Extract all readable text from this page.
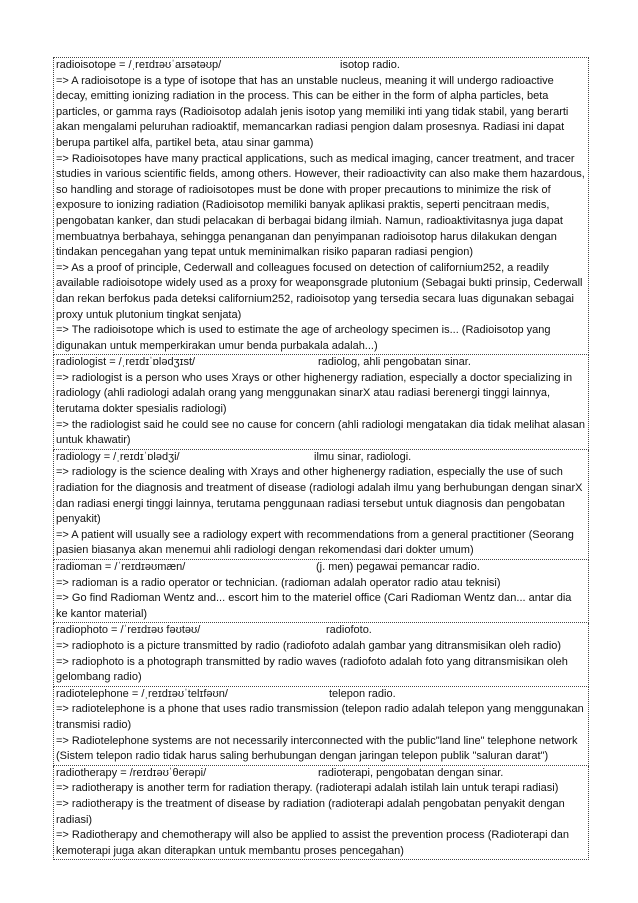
radioisotope = /ˌreɪdɪəʊˈaɪsətəʊp/	isotop radio.
=> A radioisotope is a type of isotope that has an unstable nucleus, meaning it will undergo radioactive decay, emitting ionizing radiation in the process. This can be either in the form of alpha particles, beta particles, or gamma rays (Radioisotop adalah jenis isotop yang memiliki inti yang tidak stabil, yang berarti akan mengalami peluruhan radioaktif, memancarkan radiasi pengion dalam prosesnya. Radiasi ini dapat berupa partikel alfa, partikel beta, atau sinar gamma)
=> Radioisotopes have many practical applications, such as medical imaging, cancer treatment, and tracer studies in various scientific fields, among others. However, their radioactivity can also make them hazardous, so handling and storage of radioisotopes must be done with proper precautions to minimize the risk of exposure to ionizing radiation (Radioisotop memiliki banyak aplikasi praktis, seperti pencitraan medis, pengobatan kanker, dan studi pelacakan di berbagai bidang ilmiah. Namun, radioaktivitasnya juga dapat membuatnya berbahaya, sehingga penanganan dan penyimpanan radioisotop harus dilakukan dengan tindakan pencegahan yang tepat untuk meminimalkan risiko paparan radiasi pengion)
=> As a proof of principle, Cederwall and colleagues focused on detection of californium252, a readily available radioisotope widely used as a proxy for weaponsgrade plutonium (Sebagai bukti prinsip, Cederwall dan rekan berfokus pada deteksi californium252, radioisotop yang tersedia secara luas digunakan sebagai proxy untuk plutonium tingkat senjata)
=> The radioisotope which is used to estimate the age of archeology specimen is... (Radioisotop yang digunakan untuk memperkirakan umur benda purbakala adalah...)
radiologist = /ˌreɪdɪˈɒlədʒɪst/	radiolog, ahli pengobatan sinar.
=> radiologist is a person who uses Xrays or other highenergy radiation, especially a doctor specializing in radiology (ahli radiologi adalah orang yang menggunakan sinarX atau radiasi berenergi tinggi lainnya, terutama dokter spesialis radiologi)
=> the radiologist said he could see no cause for concern (ahli radiologi mengatakan dia tidak melihat alasan untuk khawatir)
radiology = /ˌreɪdɪˈɒlədʒi/	ilmu sinar, radiologi.
=> radiology is the science dealing with Xrays and other highenergy radiation, especially the use of such radiation for the diagnosis and treatment of disease (radiologi adalah ilmu yang berhubungan dengan sinarX dan radiasi energi tinggi lainnya, terutama penggunaan radiasi tersebut untuk diagnosis dan pengobatan penyakit)
=> A patient will usually see a radiology expert with recommendations from a general practitioner (Seorang pasien biasanya akan menemui ahli radiologi dengan rekomendasi dari dokter umum)
radioman = /ˈreɪdɪəʊmæn/	(j. men) pegawai pemancar radio.
=> radioman is a radio operator or technician. (radioman adalah operator radio atau teknisi)
=> Go find Radioman Wentz and... escort him to the materiel office (Cari Radioman Wentz dan... antar dia ke kantor material)
radiophoto = /ˈreɪdɪəʊ fəʊtəʊ/	radiofoto.
=> radiophoto is a picture transmitted by radio (radiofoto adalah gambar yang ditransmisikan oleh radio)
=> radiophoto is a photograph transmitted by radio waves (radiofoto adalah foto yang ditransmisikan oleh gelombang radio)
radiotelephone = /ˌreɪdɪəʊˈtelɪfəʊn/	telepon radio.
=> radiotelephone is a phone that uses radio transmission (telepon radio adalah telepon yang menggunakan transmisi radio)
=> Radiotelephone systems are not necessarily interconnected with the public"land line" telephone network (Sistem telepon radio tidak harus saling berhubungan dengan jaringan telepon publik "saluran darat")
radiotherapy = /reɪdɪəʊˈθerəpi/	radioterapi, pengobatan dengan sinar.
=> radiotherapy is another term for radiation therapy. (radioterapi adalah istilah lain untuk terapi radiasi)
=> radiotherapy is the treatment of disease by radiation (radioterapi adalah pengobatan penyakit dengan radiasi)
=> Radiotherapy and chemotherapy will also be applied to assist the prevention process (Radioterapi dan kemoterapi juga akan diterapkan untuk membantu proses pencegahan)
